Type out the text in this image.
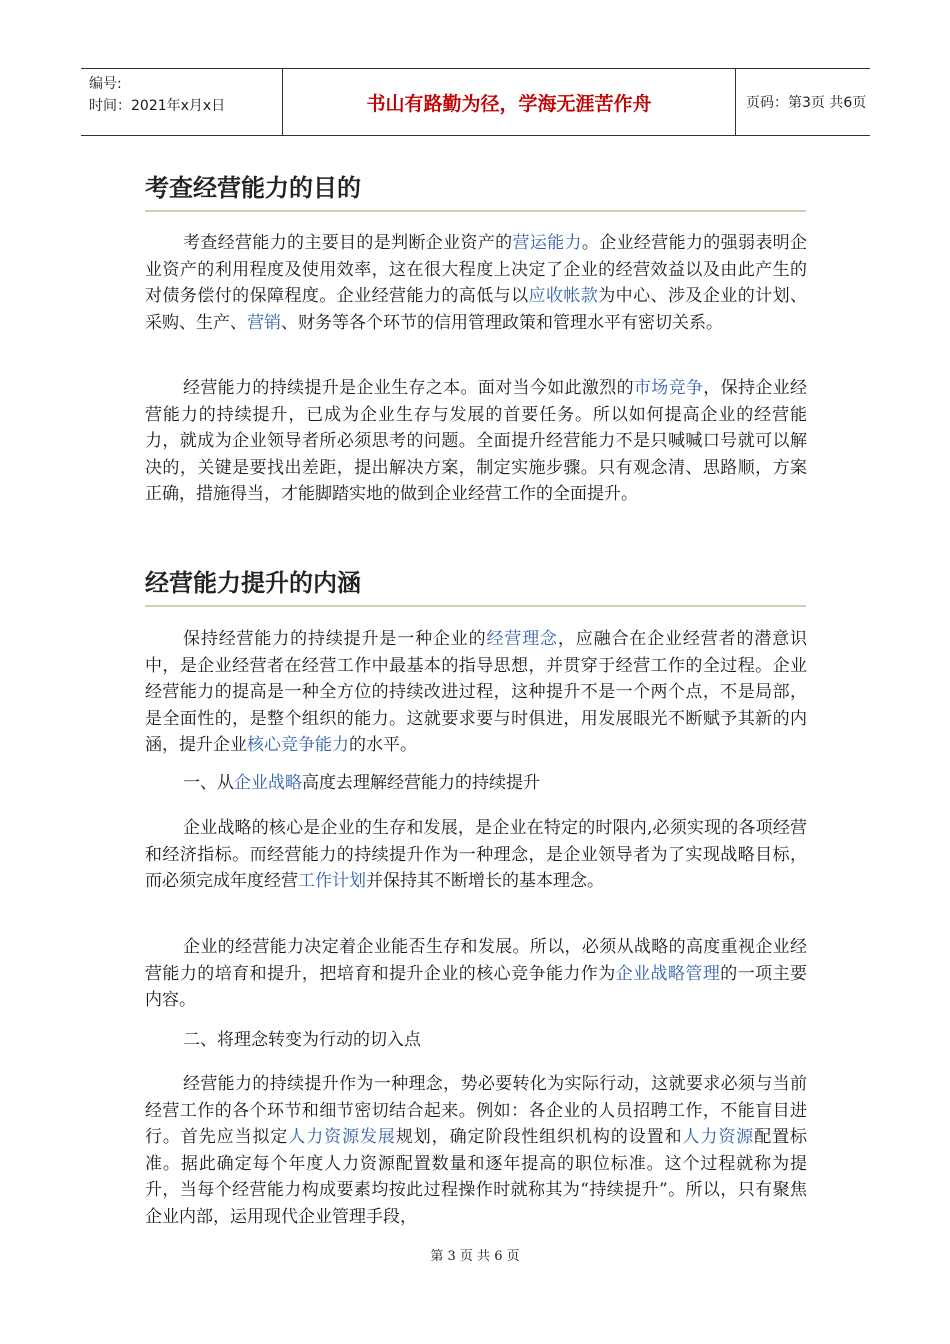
编号:
时间：2021年x月x日	书山有路勤为径，学海无涯苦作舟	页码：第3页 共6页
考查经营能力的目的
考查经营能力的主要目的是判断企业资产的营运能力。企业经营能力的强弱表明企业资产的利用程度及使用效率，这在很大程度上决定了企业的经营效益以及由此产生的对债务偿付的保障程度。企业经营能力的高低与以应收帐款为中心、涉及企业的计划、采购、生产、营销、财务等各个环节的信用管理政策和管理水平有密切关系。
经营能力的持续提升是企业生存之本。面对当今如此激烈的市场竞争，保持企业经营能力的持续提升，已成为企业生存与发展的首要任务。所以如何提高企业的经营能力，就成为企业领导者所必须思考的问题。全面提升经营能力不是只喊喊口号就可以解决的，关键是要找出差距，提出解决方案，制定实施步骤。只有观念清、思路顺，方案正确，措施得当，才能脚踏实地的做到企业经营工作的全面提升。
经营能力提升的内涵
保持经营能力的持续提升是一种企业的经营理念，应融合在企业经营者的潜意识中，是企业经营者在经营工作中最基本的指导思想，并贯穿于经营工作的全过程。企业经营能力的提高是一种全方位的持续改进过程，这种提升不是一个两个点，不是局部，是全面性的，是整个组织的能力。这就要求要与时俱进，用发展眼光不断赋予其新的内涵，提升企业核心竞争能力的水平。
一、从企业战略高度去理解经营能力的持续提升
企业战略的核心是企业的生存和发展，是企业在特定的时限内,必须实现的各项经营和经济指标。而经营能力的持续提升作为一种理念，是企业领导者为了实现战略目标，而必须完成年度经营工作计划并保持其不断增长的基本理念。
企业的经营能力决定着企业能否生存和发展。所以，必须从战略的高度重视企业经营能力的培育和提升，把培育和提升企业的核心竞争能力作为企业战略管理的一项主要内容。
二、将理念转变为行动的切入点
经营能力的持续提升作为一种理念，势必要转化为实际行动，这就要求必须与当前经营工作的各个环节和细节密切结合起来。例如：各企业的人员招聘工作，不能盲目进行。首先应当拟定人力资源发展规划，确定阶段性组织机构的设置和人力资源配置标准。据此确定每个年度人力资源配置数量和逐年提高的职位标准。这个过程就称为提升，当每个经营能力构成要素均按此过程操作时就称其为“持续提升”。所以，只有聚焦企业内部，运用现代企业管理手段，
第 3 页 共 6 页
